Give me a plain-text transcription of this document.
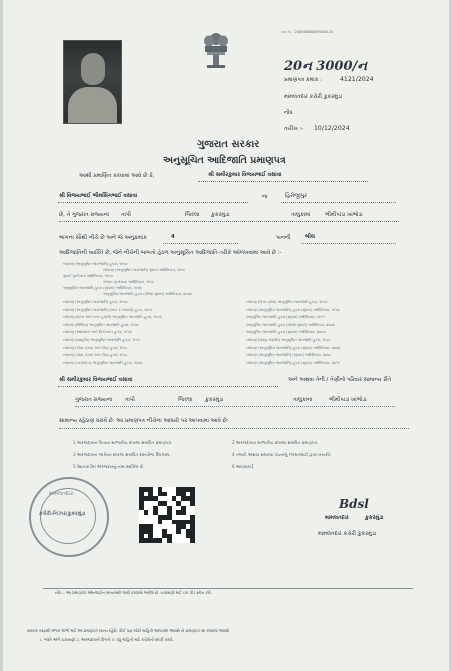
ક્રમ નં. : 24005848009004121
20ન 3000/ન
પ્રમાણપત્ર ક્રમાંક :	4121/2024
મામલતદાર કચેરી કુકરમુંડા
નોંધ
તારીખ :- 10/12/2024
ગુજરાત સરકાર
અનુસૂચિત આદિજાતિ પ્રમાણપત્ર
આથી પ્રમાણિત કરવામાં આવે છે કે,	શ્રી સમીરકુમાર વિજયભાઈ વસાવા
શ્રી વિજયભાઈ ભીમસિંગભાઈ વસાવા	ના	હિરોજીપુર
છે, તે ગુજરાત રાજ્યના તાપી	જિલ્લા કુકરમુંડા	તાલુકામાં	ભીમીપાડા ખાંભોડા
ભાગના સૌથી નીચે છે અને જે અનુક્રમાંક	4	પાનની	ભીલ
આદિજાતિની વ્યક્તિ છે, જેને નીચેની બાબતો હેઠળ અનુસૂચિત આદિજાતિ તરીકે ઓળખવામાં આવે છે :-
બંધારણ (અનુસૂચિત જનજાતિ) હુકમ, ૧૯૫૦
બંધારણ (અનુસૂચિત જનજાતિ) સુધારા અધિનિયમ, ૧૯૫૬
મુંબઈ પુનર્રચના અધિનિયમ, ૧૯૬૦
પંજાબ પુનર્રચના અધિનિયમ, ૧૯૬૬
અનુસૂચિત જનજાતિ હુકમ (સુધારા) અધિનિયમ, ૧૯૭૬
અનુસૂચિત જનજાતિ હુકમ (બીજો સુધારો) અધિનિયમ, ૨૦૦૨
બંધારણ (અનુસૂચિત જનજાતિ) હુકમ, ૧૯૫૦
બંધારણ (અનુસૂચિત જનજાતિ) (ભાગ ક રાજ્યો) હુકમ, ૧૯૫૧
બંધારણ (દાદરા અને નગર હવેલી) અનુસૂચિત જનજાતિ હુકમ, ૧૯૬૨
બંધારણ (સિક્કિમ) અનુસૂચિત જનજાતિ હુકમ, ૧૯૭૮
બંધારણ (આંદામાન અને નિકોબાર) હુકમ, ૧૯૫૯
બંધારણ (લક્ષદ્વીપ) અનુસૂચિત જનજાતિ હુકમ, ૧૯૫૧
બંધારણ (ગોવા, દમણ અને દીવ) હુકમ, ૧૯૬૮
બંધારણ (ગોવા, દમણ અને દીવ) હુકમ, ૧૯૬૮
બંધારણ (નાગાલેન્ડ) અનુસૂચિત જનજાતિ હુકમ, ૧૯૭૦
બંધારણ (ઉત્તર પ્રદેશ) અનુસૂચિત જનજાતિ હુકમ, ૧૯૬૭
બંધારણ (અનુસૂચિત જનજાતિ) હુકમ (સુધારા) અધિનિયમ, ૧૯૭૬
અનુસૂચિત જનજાતિ હુકમ (સુધારા) અધિનિયમ, ૧૯૯૧
અનુસૂચિત જનજાતિ હુકમ (બીજો સુધારો) અધિનિયમ, ૨૦૦૨
અનુસૂચિત જનજાતિ હુકમ (સુધારા) અધિનિયમ, ૨૦૦૩
બંધારણ (જમ્મુ કાશ્મીર) અનુસૂચિત જનજાતિ હુકમ, ૧૯૮૯
બંધારણ (અનુસૂચિત જનજાતિ) હુકમ (સુધારા) અધિનિયમ, ૨૦૦૨
બંધારણ (અનુસૂચિત જનજાતિ) (સુધારા) અધિનિયમ, ૨૦૦૮
બંધારણ (અનુસૂચિત જનજાતિ) હુકમ (સુધારા) અધિનિયમ, ૨૦૧૧
શ્રી સમીરકુમાર વિજયભાઈ વસાવા	અને અથવા તેની / તેણીનો પરિવાર સામાન્ય રીતે
ગુજરાત રાજ્યના તાપી	જિલ્લા કુકરમુંડા	તાલુકાના	ભીમીપાડા ખાંભોડા
સામાન્ય રહેઠાણ ધરાવે છે. આ પ્રમાણપત્ર નીચેના આધારો પર આપવામાં આવે છે:
1 અરજદારના પિતાના શાળાકીય દાખલા સંબંધિત પ્રમાણપત્ર.	2 અરજદારના શાળાકીય દાખલા સંબંધિત પ્રમાણપત્ર.
3 અરજદારના જાતિના દાખલા સંબંધિત દસ્તાવેજ ઉપલબ્ધ.	4 તલાટી અથવા સમકક્ષ પંચનામું (ગામતલાટી દ્વારા ખાતરી).
5 રેશનકાર્ડમાં અરજદારનું નામ દર્શાવેલ છે.	6 આધારકાર્ડ
મામલતદાર
કચેરી-નિઝર/કુકરમુંડા
Bdsl
મામલતદાર	કુકરમુંડા
મામલતદાર કચેરી કુકરમુંડા
નોંધ :- આ પ્રમાણપત્ર ઓનલાઈન માધ્યમથી જારી કરવામાં આવેલ છે. ચકાસણી માટે QR કોડ સ્કેન કરો.
સરકાર તરફથી મળતા લાભો માટે આ પ્રમાણપત્ર માન્ય રહેશે. કોઈ પણ ખોટી માહિતી આપવામાં આવશે તો પ્રમાણપત્ર રદ કરવામાં આવશે.
1. જાતિ અંગે ચકાસણી 2. અરજદારની વિગતો 3. વધુ માહિતી માટે કચેરીનો સંપર્ક કરવો.
